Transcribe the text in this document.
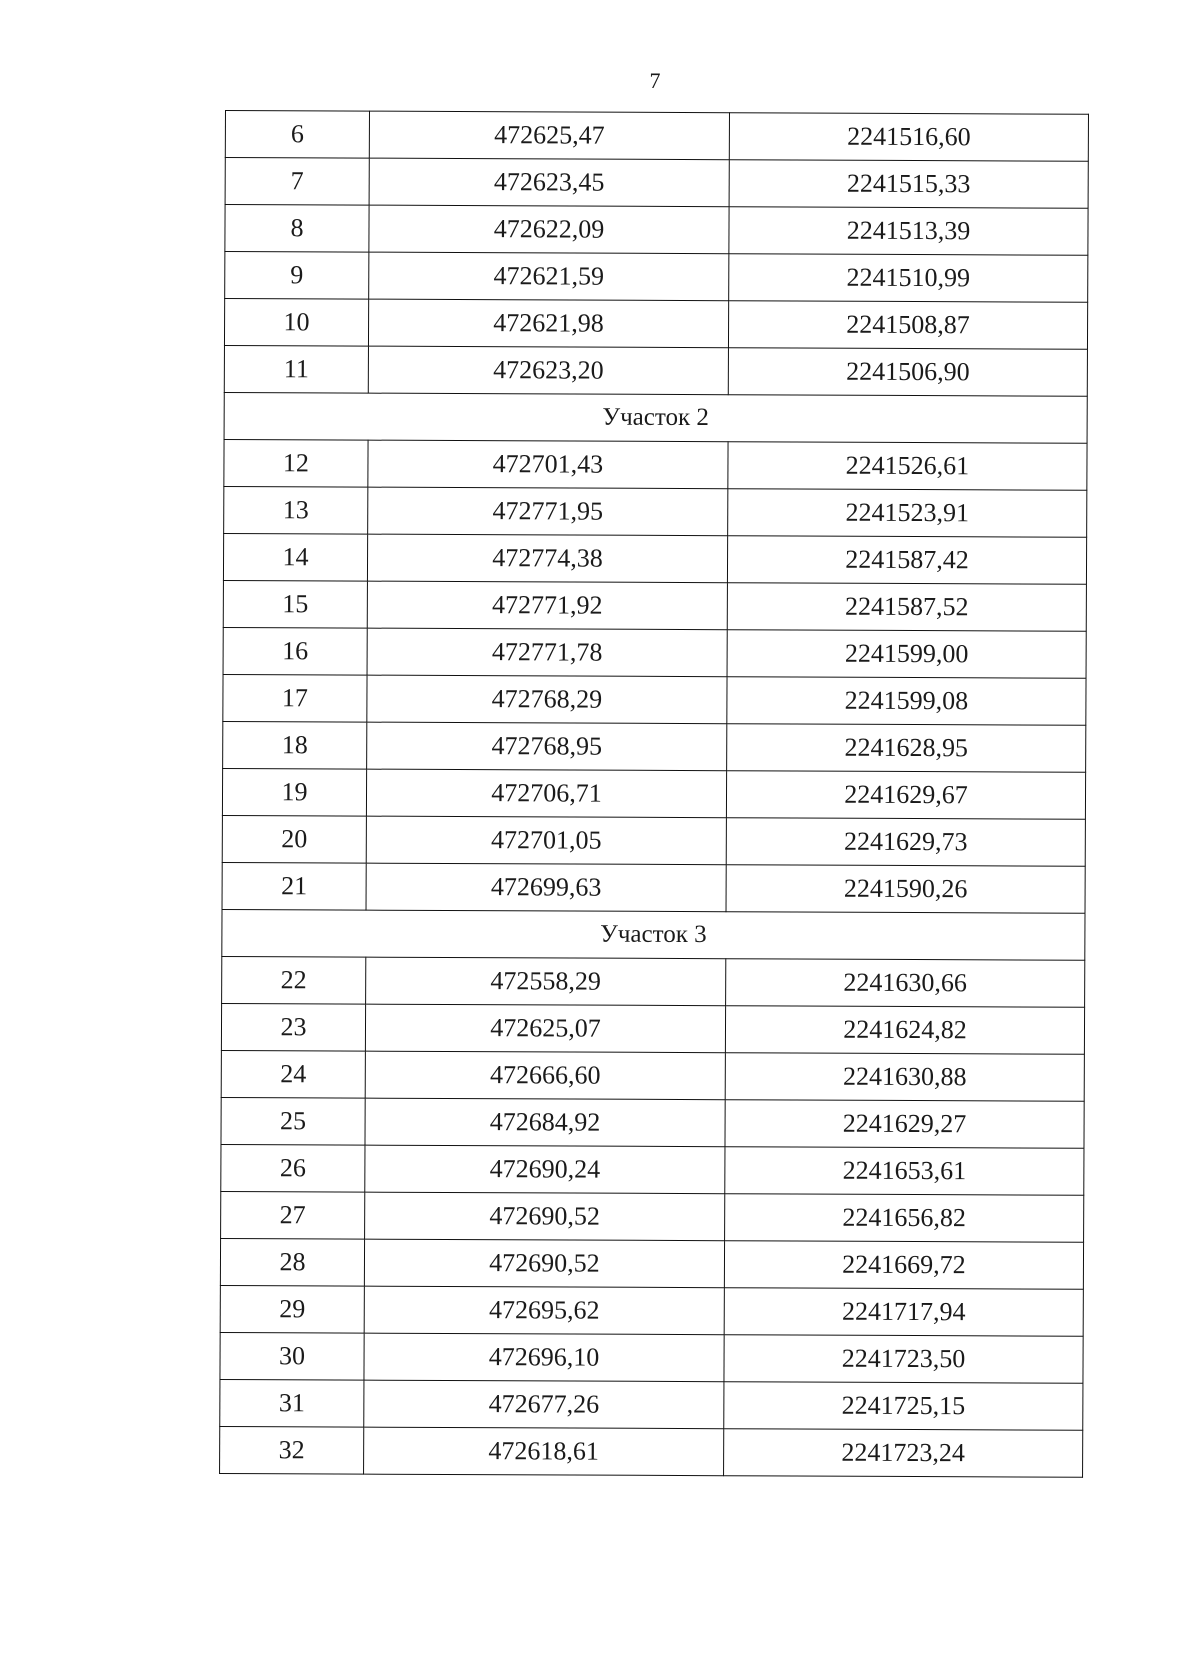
7
6	472625,47	2241516,60
7	472623,45	2241515,33
8	472622,09	2241513,39
9	472621,59	2241510,99
10	472621,98	2241508,87
11	472623,20	2241506,90
Участок 2		
12	472701,43	2241526,61
13	472771,95	2241523,91
14	472774,38	2241587,42
15	472771,92	2241587,52
16	472771,78	2241599,00
17	472768,29	2241599,08
18	472768,95	2241628,95
19	472706,71	2241629,67
20	472701,05	2241629,73
21	472699,63	2241590,26
Участок 3		
22	472558,29	2241630,66
23	472625,07	2241624,82
24	472666,60	2241630,88
25	472684,92	2241629,27
26	472690,24	2241653,61
27	472690,52	2241656,82
28	472690,52	2241669,72
29	472695,62	2241717,94
30	472696,10	2241723,50
31	472677,26	2241725,15
32	472618,61	2241723,24
